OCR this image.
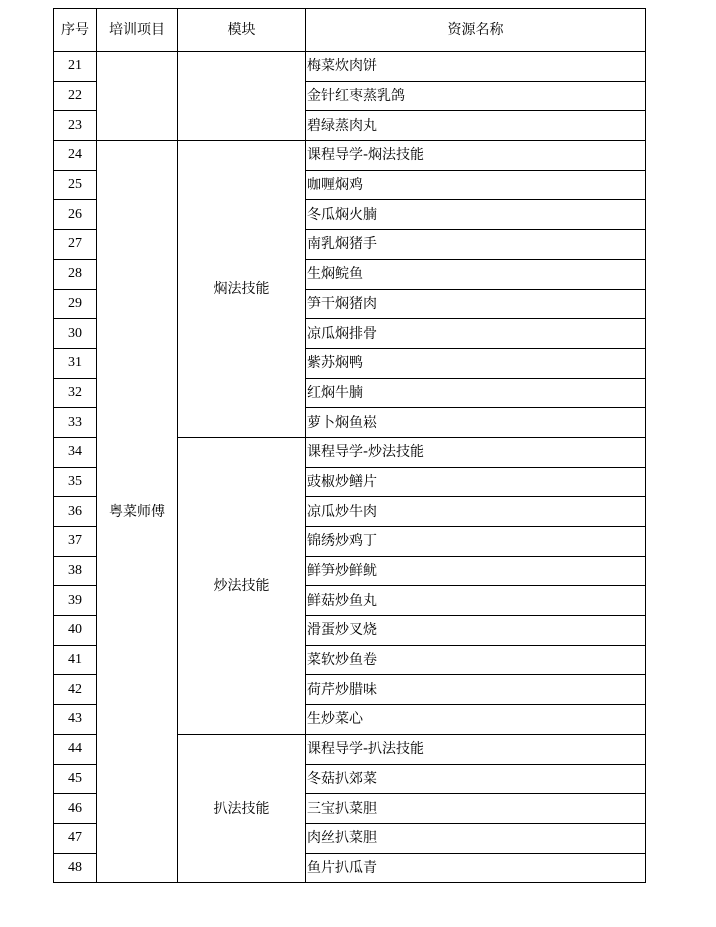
序号	培训项目	模块	资源名称
21			梅菜炊肉饼
22			金针红枣蒸乳鸽
23			碧绿蒸肉丸
24	粤菜师傅	焖法技能	课程导学-焖法技能
25			咖喱焖鸡
26			冬瓜焖火腩
27			南乳焖猪手
28			生焖鲩鱼
29			笋干焖猪肉
30			凉瓜焖排骨
31			紫苏焖鸭
32			红焖牛腩
33			萝卜焖鱼崧
34		炒法技能	课程导学-炒法技能
35			豉椒炒鳝片
36			凉瓜炒牛肉
37			锦绣炒鸡丁
38			鲜笋炒鲜鱿
39			鲜菇炒鱼丸
40			滑蛋炒叉烧
41			菜软炒鱼卷
42			荷芹炒腊味
43			生炒菜心
44		扒法技能	课程导学-扒法技能
45			冬菇扒郊菜
46			三宝扒菜胆
47			肉丝扒菜胆
48			鱼片扒瓜青
